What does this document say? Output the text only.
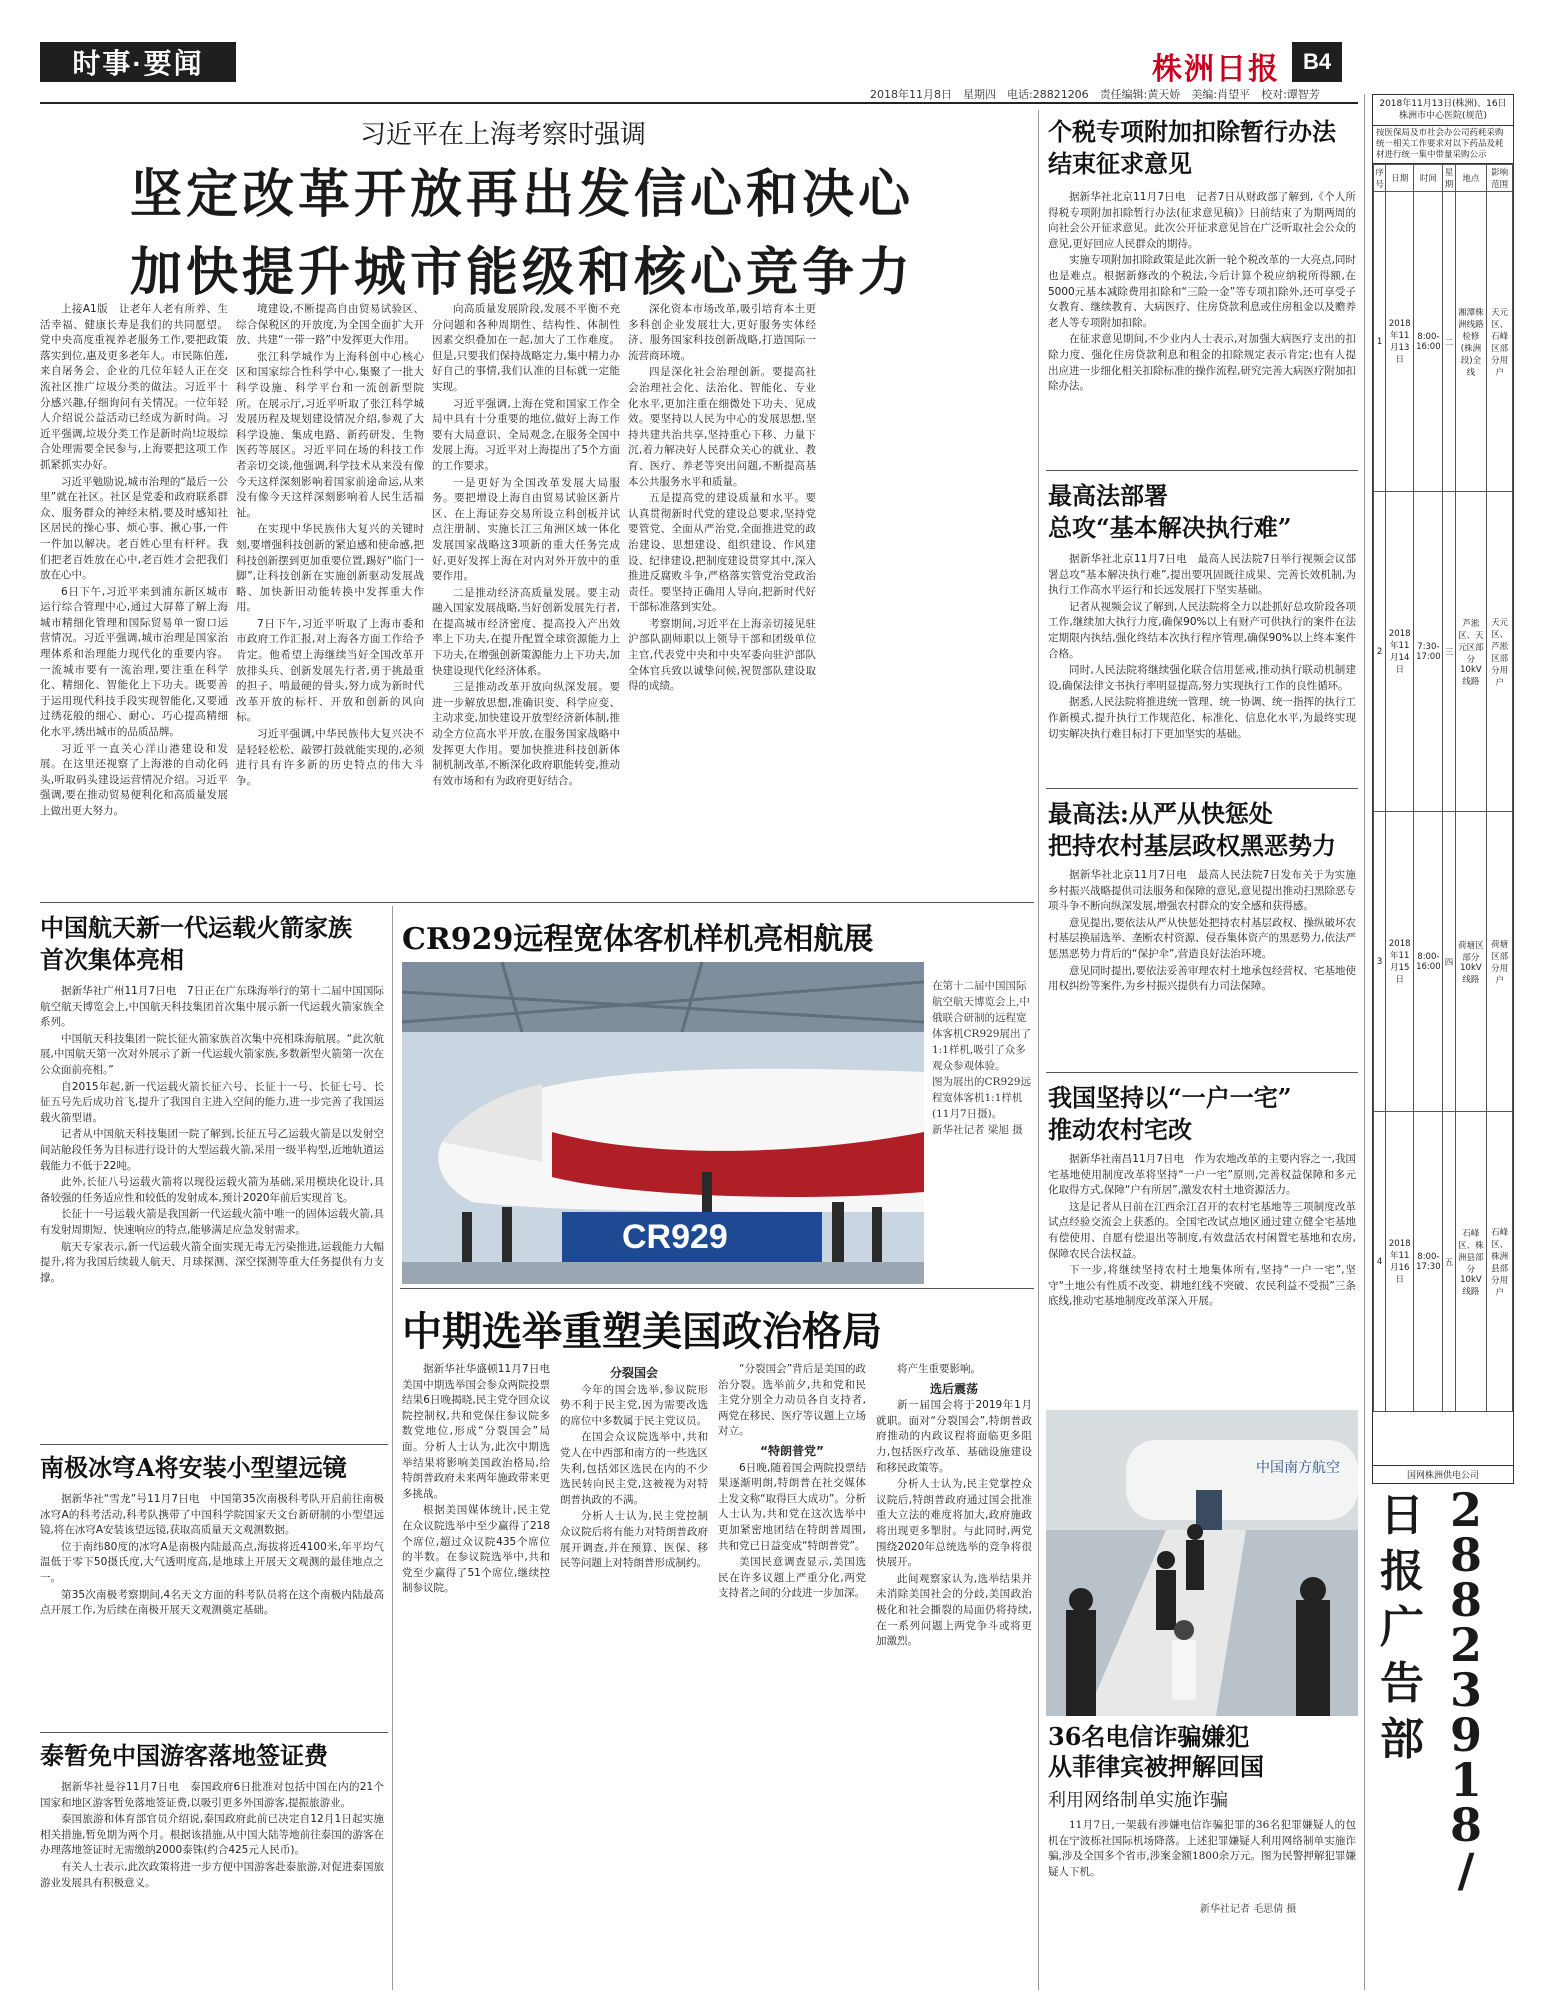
时事·要闻	株洲日报	B4
2018年11月8日　星期四　电话:28821206　责任编辑:黄天娇　美编:肖望平　校对:谭智芳
习近平在上海考察时强调
坚定改革开放再出发信心和决心
加快提升城市能级和核心竞争力

上接A1版　让老年人老有所养、生活幸福、健康长寿是我们的共同愿望。党中央高度重视养老服务工作,要把政策落实到位,惠及更多老年人。市民陈伯莲,来自屠务会、企业的几位年轻人正在交流社区推广垃圾分类的做法。习近平十分感兴趣,仔细询问有关情况。一位年轻人介绍说公益活动已经成为新时尚。习近平强调,垃圾分类工作是新时尚!垃圾综合处理需要全民参与,上海要把这项工作抓紧抓实办好。

习近平勉励说,城市治理的“最后一公里”就在社区。社区是党委和政府联系群众、服务群众的神经末梢,要及时感知社区居民的操心事、烦心事、揪心事,一件一件加以解决。老百姓心里有杆秤。我们把老百姓放在心中,老百姓才会把我们放在心中。

6日下午,习近平来到浦东新区城市运行综合管理中心,通过大屏幕了解上海城市精细化管理和国际贸易单一窗口运营情况。习近平强调,城市治理是国家治理体系和治理能力现代化的重要内容。一流城市要有一流治理,要注重在科学化、精细化、智能化上下功夫。既要善于运用现代科技手段实现智能化,又要通过绣花般的细心、耐心、巧心提高精细化水平,绣出城市的品质品牌。

习近平一直关心洋山港建设和发展。在这里还视察了上海港的自动化码头,听取码头建设运营情况介绍。习近平强调,要在推动贸易便利化和高质量发展上做出更大努力。

境建设,不断提高自由贸易试验区、综合保税区的开放度,为全国全面扩大开放、共建“一带一路”中发挥更大作用。

张江科学城作为上海科创中心核心区和国家综合性科学中心,集聚了一批大科学设施、科学平台和一流创新型院所。在展示厅,习近平听取了张江科学城发展历程及规划建设情况介绍,参观了大科学设施、集成电路、新药研发、生物医药等展区。习近平同在场的科技工作者亲切交谈,他强调,科学技术从来没有像今天这样深刻影响着国家前途命运,从来没有像今天这样深刻影响着人民生活福祉。

在实现中华民族伟大复兴的关键时刻,要增强科技创新的紧迫感和使命感,把科技创新摆到更加重要位置,踢好“临门一脚”,让科技创新在实施创新驱动发展战略、加快新旧动能转换中发挥重大作用。

7日下午,习近平听取了上海市委和市政府工作汇报,对上海各方面工作给予肯定。他希望上海继续当好全国改革开放排头兵、创新发展先行者,勇于挑最重的担子、啃最硬的骨头,努力成为新时代改革开放的标杆、开放和创新的风向标。

习近平强调,中华民族伟大复兴决不是轻轻松松、敲锣打鼓就能实现的,必须进行具有许多新的历史特点的伟大斗争。

向高质量发展阶段,发展不平衡不充分问题和各种周期性、结构性、体制性因素交织叠加在一起,加大了工作难度。但是,只要我们保持战略定力,集中精力办好自己的事情,我们认准的目标就一定能实现。

习近平强调,上海在党和国家工作全局中具有十分重要的地位,做好上海工作要有大局意识、全局观念,在服务全国中发展上海。习近平对上海提出了5个方面的工作要求。

一是更好为全国改革发展大局服务。要把增设上海自由贸易试验区新片区、在上海证券交易所设立科创板并试点注册制、实施长江三角洲区域一体化发展国家战略这3项新的重大任务完成好,更好发挥上海在对内对外开放中的重要作用。

二是推动经济高质量发展。要主动融入国家发展战略,当好创新发展先行者,在提高城市经济密度、提高投入产出效率上下功夫,在提升配置全球资源能力上下功夫,在增强创新策源能力上下功夫,加快建设现代化经济体系。

三是推动改革开放向纵深发展。要进一步解放思想,准确识变、科学应变、主动求变,加快建设开放型经济新体制,推动全方位高水平开放,在服务国家战略中发挥更大作用。要加快推进科技创新体制机制改革,不断深化政府职能转变,推动有效市场和有为政府更好结合。

深化资本市场改革,吸引培育本土更多科创企业发展壮大,更好服务实体经济、服务国家科技创新战略,打造国际一流营商环境。

四是深化社会治理创新。要提高社会治理社会化、法治化、智能化、专业化水平,更加注重在细微处下功夫、见成效。要坚持以人民为中心的发展思想,坚持共建共治共享,坚持重心下移、力量下沉,着力解决好人民群众关心的就业、教育、医疗、养老等突出问题,不断提高基本公共服务水平和质量。

五是提高党的建设质量和水平。要认真贯彻新时代党的建设总要求,坚持党要管党、全面从严治党,全面推进党的政治建设、思想建设、组织建设、作风建设、纪律建设,把制度建设贯穿其中,深入推进反腐败斗争,严格落实管党治党政治责任。要坚持正确用人导向,把新时代好干部标准落到实处。

考察期间,习近平在上海亲切接见驻沪部队副师职以上领导干部和团级单位主官,代表党中央和中央军委向驻沪部队全体官兵致以诚挚问候,祝贺部队建设取得的成绩。

个税专项附加扣除暂行办法
结束征求意见

据新华社北京11月7日电　记者7日从财政部了解到,《个人所得税专项附加扣除暂行办法(征求意见稿)》日前结束了为期两周的向社会公开征求意见。此次公开征求意见旨在广泛听取社会公众的意见,更好回应人民群众的期待。

实施专项附加扣除政策是此次新一轮个税改革的一大亮点,同时也是难点。根据新修改的个税法,今后计算个税应纳税所得额,在5000元基本减除费用扣除和“三险一金”等专项扣除外,还可享受子女教育、继续教育、大病医疗、住房贷款利息或住房租金以及赡养老人等专项附加扣除。

在征求意见期间,不少业内人士表示,对加强大病医疗支出的扣除力度、强化住房贷款利息和租金的扣除规定表示肯定;也有人提出应进一步细化相关扣除标准的操作流程,研究完善大病医疗附加扣除办法。

最高法部署
总攻“基本解决执行难”

据新华社北京11月7日电　最高人民法院7日举行视频会议部署总攻“基本解决执行难”,提出要巩固既往成果、完善长效机制,为执行工作高水平运行和长远发展打下坚实基础。

记者从视频会议了解到,人民法院将全力以赴抓好总攻阶段各项工作,继续加大执行力度,确保90%以上有财产可供执行的案件在法定期限内执结,强化终结本次执行程序管理,确保90%以上终本案件合格。

同时,人民法院将继续强化联合信用惩戒,推动执行联动机制建设,确保法律文书执行率明显提高,努力实现执行工作的良性循环。

据悉,人民法院将推进统一管理、统一协调、统一指挥的执行工作新模式,提升执行工作规范化、标准化、信息化水平,为最终实现切实解决执行难目标打下更加坚实的基础。

最高法:从严从快惩处
把持农村基层政权黑恶势力

据新华社北京11月7日电　最高人民法院7日发布关于为实施乡村振兴战略提供司法服务和保障的意见,意见提出推动扫黑除恶专项斗争不断向纵深发展,增强农村群众的安全感和获得感。

意见提出,要依法从严从快惩处把持农村基层政权、操纵破坏农村基层换届选举、垄断农村资源、侵吞集体资产的黑恶势力,依法严惩黑恶势力背后的“保护伞”,营造良好法治环境。

意见同时提出,要依法妥善审理农村土地承包经营权、宅基地使用权纠纷等案件,为乡村振兴提供有力司法保障。

我国坚持以“一户一宅”
推动农村宅改

据新华社南昌11月7日电　作为农地改革的主要内容之一,我国宅基地使用制度改革将坚持“一户一宅”原则,完善权益保障和多元化取得方式,保障“户有所居”,激发农村土地资源活力。

这是记者从日前在江西余江召开的农村宅基地等三项制度改革试点经验交流会上获悉的。全国宅改试点地区通过建立健全宅基地有偿使用、自愿有偿退出等制度,有效盘活农村闲置宅基地和农房,保障农民合法权益。

下一步,将继续坚持农村土地集体所有,坚持“一户一宅”,坚守“土地公有性质不改变、耕地红线不突破、农民利益不受损”三条底线,推动宅基地制度改革深入开展。

中国南方航空
36名电信诈骗嫌犯
从菲律宾被押解回国
利用网络制单实施诈骗

11月7日,一架载有涉嫌电信诈骗犯罪的36名犯罪嫌疑人的包机在宁波栎社国际机场降落。上述犯罪嫌疑人利用网络制单实施诈骗,涉及全国多个省市,涉案金额1800余万元。图为民警押解犯罪嫌疑人下机。

新华社记者 毛思倩 摄
2018年11月13日(株洲)、16日株洲市中心医院(规范)
按医保局及市社会办公司药耗采购统一相关工作要求对以下药品及耗材进行统一集中带量采购公示
序号	日期	时间	星期	地点	影响范围
1	2018年11月13日	8:00-16:00	二	湘潭株洲线路检修(株洲段)全线	天元区、石峰区部分用户
2	2018年11月14日	7:30-17:00	三	芦淞区、天元区部分10kV线路	天元区、芦淞区部分用户
3	2018年11月15日	8:00-16:00	四	荷塘区部分10kV线路	荷塘区部分用户
4	2018年11月16日	8:00-17:30	五	石峰区、株洲县部分10kV线路	石峰区、株洲县部分用户
国网株洲供电公司
日
报
广
告
部
2
8
8
2
3
9
1
8
/
中国航天新一代运载火箭家族
首次集体亮相

据新华社广州11月7日电　7日正在广东珠海举行的第十二届中国国际航空航天博览会上,中国航天科技集团首次集中展示新一代运载火箭家族全系列。

中国航天科技集团一院长征火箭家族首次集中亮相珠海航展。“此次航展,中国航天第一次对外展示了新一代运载火箭家族,多数新型火箭第一次在公众面前亮相。”

自2015年起,新一代运载火箭长征六号、长征十一号、长征七号、长征五号先后成功首飞,提升了我国自主进入空间的能力,进一步完善了我国运载火箭型谱。

记者从中国航天科技集团一院了解到,长征五号乙运载火箭是以发射空间站舱段任务为目标进行设计的大型运载火箭,采用一级半构型,近地轨道运载能力不低于22吨。

此外,长征八号运载火箭将以现役运载火箭为基础,采用模块化设计,具备较强的任务适应性和较低的发射成本,预计2020年前后实现首飞。

长征十一号运载火箭是我国新一代运载火箭中唯一的固体运载火箭,具有发射周期短、快速响应的特点,能够满足应急发射需求。

航天专家表示,新一代运载火箭全面实现无毒无污染推进,运载能力大幅提升,将为我国后续载人航天、月球探测、深空探测等重大任务提供有力支撑。

南极冰穹A将安装小型望远镜

据新华社“雪龙”号11月7日电　中国第35次南极科考队开启前往南极冰穹A的科考活动,科考队携带了中国科学院国家天文台新研制的小型望远镜,将在冰穹A安装该望远镜,获取高质量天文观测数据。

位于南纬80度的冰穹A是南极内陆最高点,海拔将近4100米,年平均气温低于零下50摄氏度,大气透明度高,是地球上开展天文观测的最佳地点之一。

第35次南极考察期间,4名天文方面的科考队员将在这个南极内陆最高点开展工作,为后续在南极开展天文观测奠定基础。

泰暂免中国游客落地签证费

据新华社曼谷11月7日电　泰国政府6日批准对包括中国在内的21个国家和地区游客暂免落地签证费,以吸引更多外国游客,提振旅游业。

泰国旅游和体育部官员介绍说,泰国政府此前已决定自12月1日起实施相关措施,暂免期为两个月。根据该措施,从中国大陆等地前往泰国的游客在办理落地签证时无需缴纳2000泰铢(约合425元人民币)。

有关人士表示,此次政策将进一步方便中国游客赴泰旅游,对促进泰国旅游业发展具有积极意义。

CR929远程宽体客机样机亮相航展
CR929
在第十二届中国国际航空航天博览会上,中俄联合研制的远程宽体客机CR929展出了1:1样机,吸引了众多观众参观体验。
图为展出的CR929远程宽体客机1:1样机(11月7日摄)。
新华社记者 梁旭 摄
中期选举重塑美国政治格局

据新华社华盛顿11月7日电　美国中期选举国会参众两院投票结果6日晚揭晓,民主党夺回众议院控制权,共和党保住参议院多数党地位,形成“分裂国会”局面。分析人士认为,此次中期选举结果将影响美国政治格局,给特朗普政府未来两年施政带来更多挑战。

根据美国媒体统计,民主党在众议院选举中至少赢得了218个席位,超过众议院435个席位的半数。在参议院选举中,共和党至少赢得了51个席位,继续控制参议院。

分裂国会

今年的国会选举,参议院形势不利于民主党,因为需要改选的席位中多数属于民主党议员。

在国会众议院选举中,共和党人在中西部和南方的一些选区失利,包括郊区选民在内的不少选民转向民主党,这被视为对特朗普执政的不满。

分析人士认为,民主党控制众议院后将有能力对特朗普政府展开调查,并在预算、医保、移民等问题上对特朗普形成制约。

“分裂国会”背后是美国的政治分裂。选举前夕,共和党和民主党分别全力动员各自支持者,两党在移民、医疗等议题上立场对立。

“特朗普党”

6日晚,随着国会两院投票结果逐渐明朗,特朗普在社交媒体上发文称“取得巨大成功”。分析人士认为,共和党在这次选举中更加紧密地团结在特朗普周围,共和党已日益变成“特朗普党”。

美国民意调查显示,美国选民在许多议题上严重分化,两党支持者之间的分歧进一步加深。

将产生重要影响。

选后震荡

新一届国会将于2019年1月就职。面对“分裂国会”,特朗普政府推动的内政议程将面临更多阻力,包括医疗改革、基础设施建设和移民政策等。

分析人士认为,民主党掌控众议院后,特朗普政府通过国会批准重大立法的难度将加大,政府施政将出现更多掣肘。与此同时,两党围绕2020年总统选举的竞争将很快展开。

此间观察家认为,选举结果并未消除美国社会的分歧,美国政治极化和社会撕裂的局面仍将持续,在一系列问题上两党争斗或将更加激烈。
